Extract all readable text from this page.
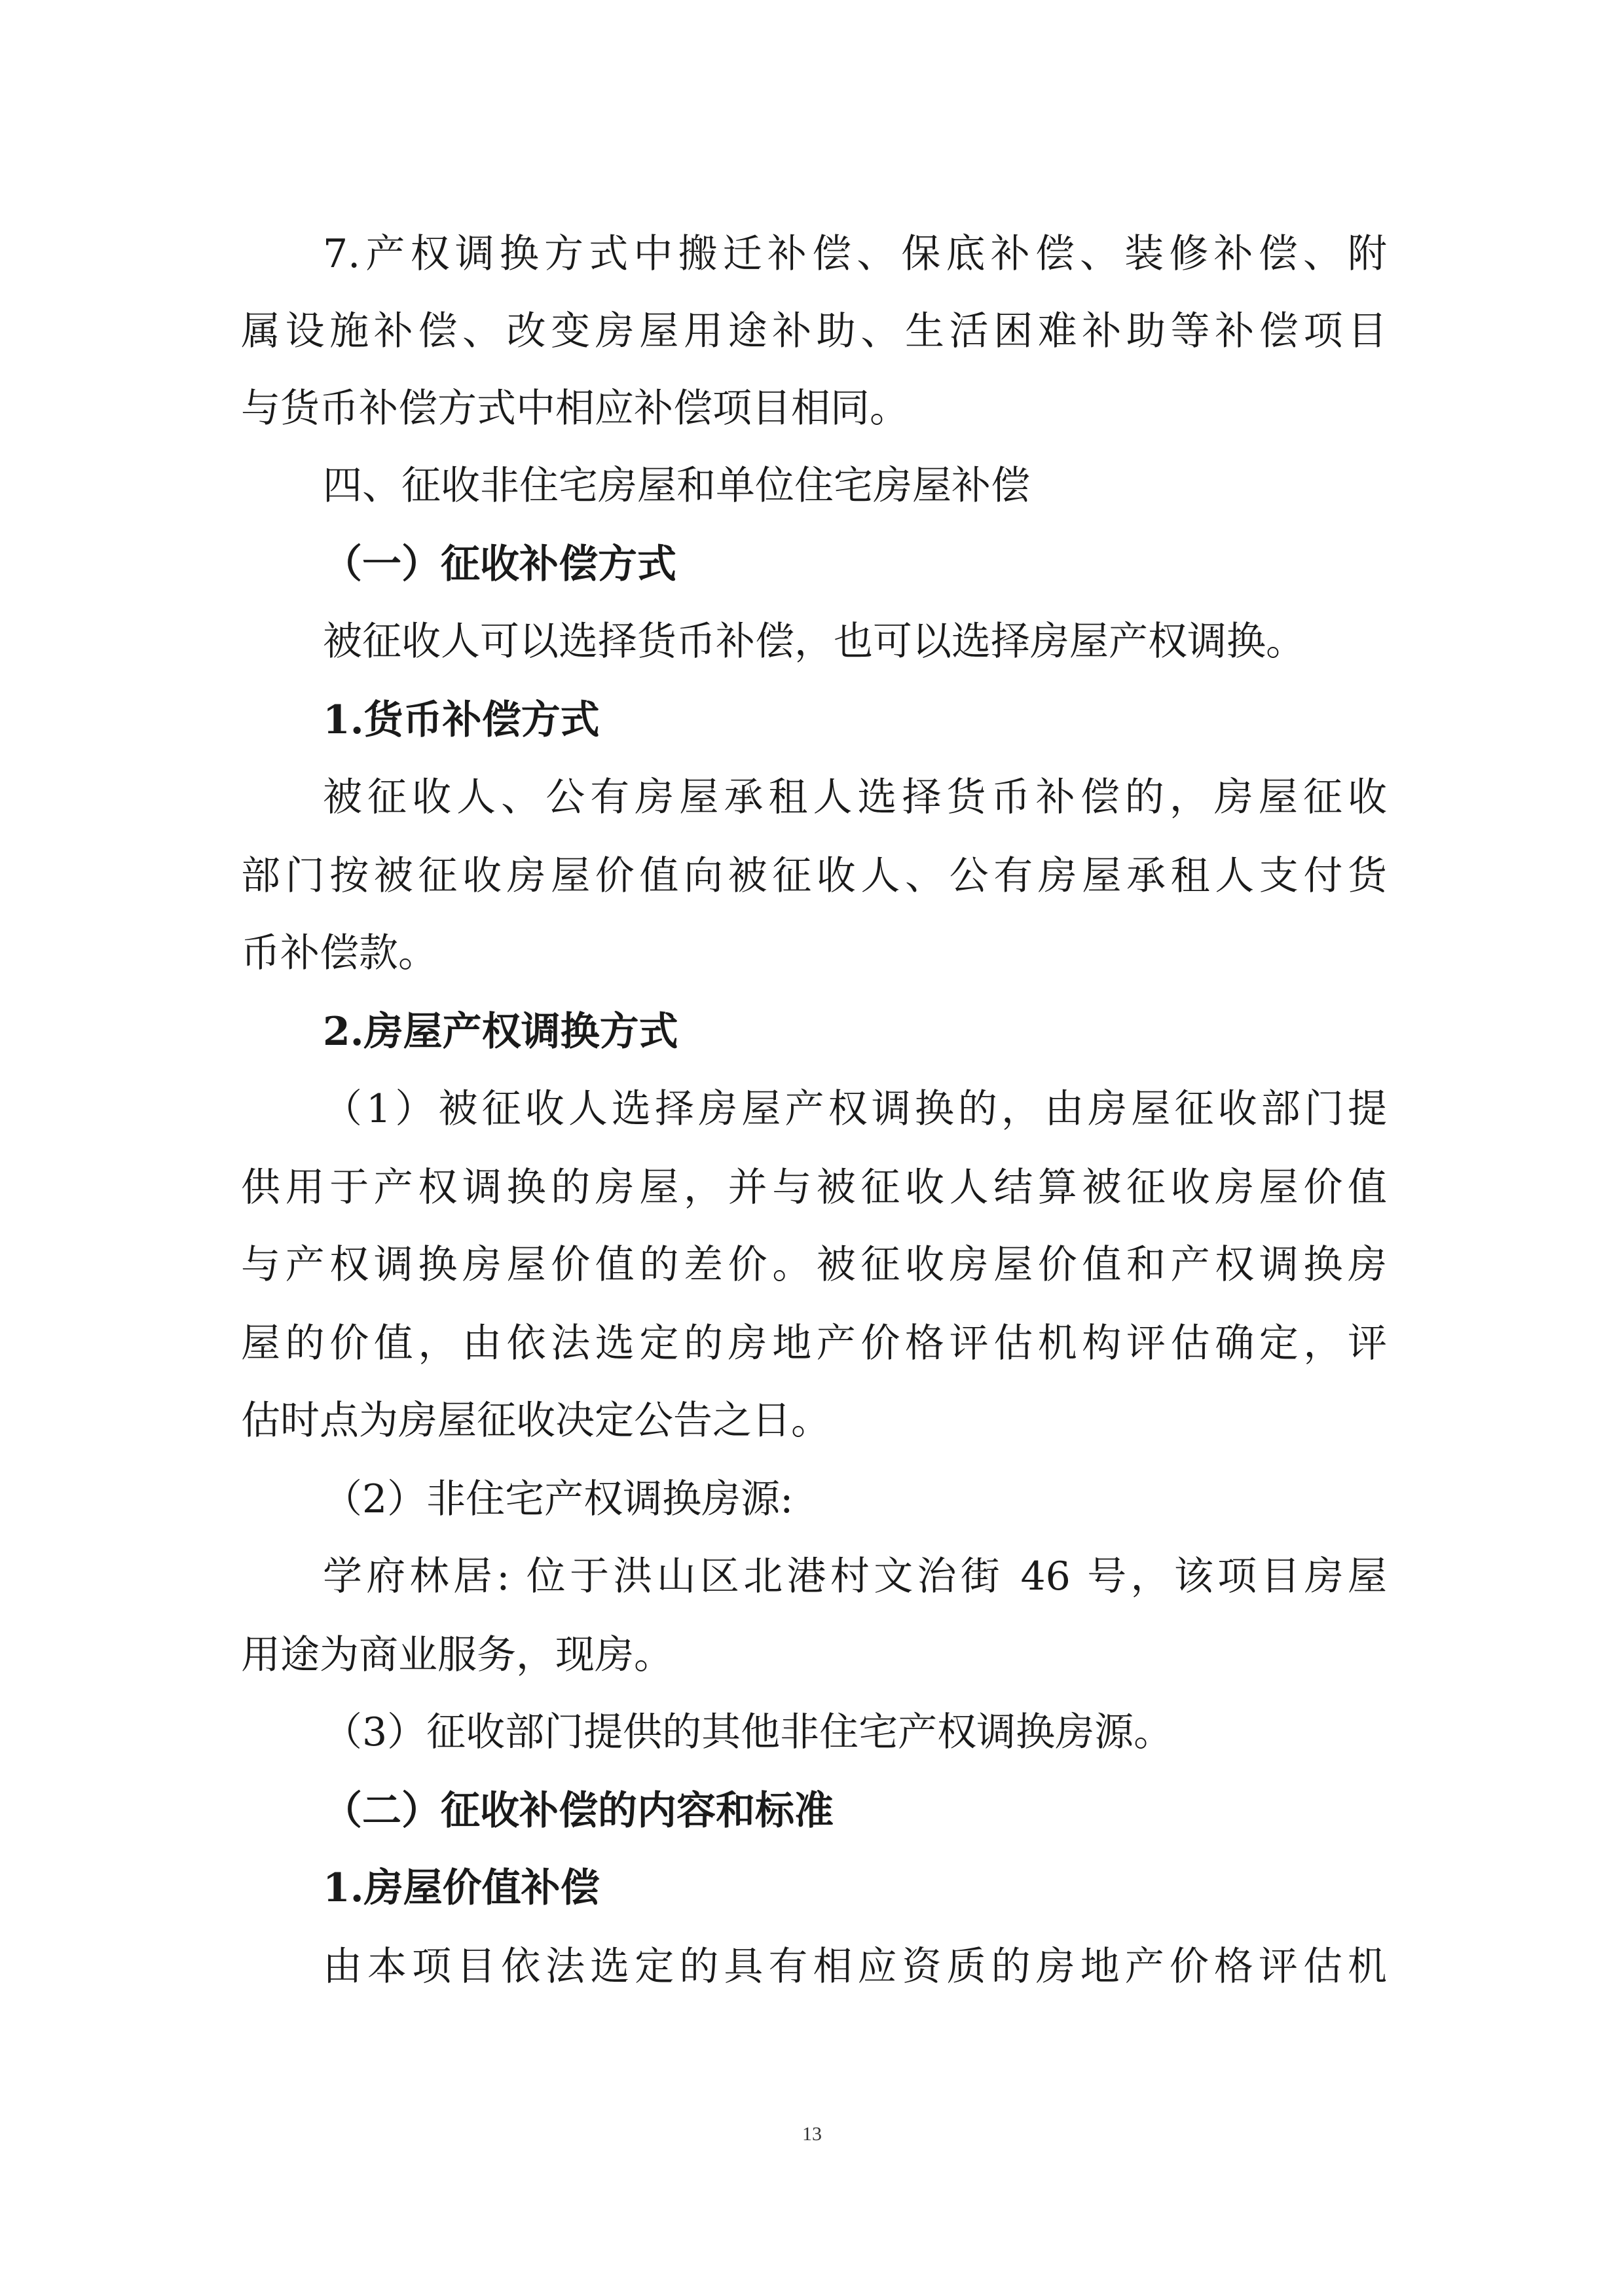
7.产权调换方式中搬迁补偿、保底补偿、装修补偿、附
属设施补偿、改变房屋用途补助、生活困难补助等补偿项目
与货币补偿方式中相应补偿项目相同。
四、征收非住宅房屋和单位住宅房屋补偿
（一）征收补偿方式
被征收人可以选择货币补偿，也可以选择房屋产权调换。
1.货币补偿方式
被征收人、公有房屋承租人选择货币补偿的，房屋征收
部门按被征收房屋价值向被征收人、公有房屋承租人支付货
币补偿款。
2.房屋产权调换方式
（1）被征收人选择房屋产权调换的，由房屋征收部门提
供用于产权调换的房屋，并与被征收人结算被征收房屋价值
与产权调换房屋价值的差价。被征收房屋价值和产权调换房
屋的价值，由依法选定的房地产价格评估机构评估确定，评
估时点为房屋征收决定公告之日。
（2）非住宅产权调换房源:
学府林居: 位于洪山区北港村文治街 46 号，该项目房屋
用途为商业服务，现房。
（3）征收部门提供的其他非住宅产权调换房源。
（二）征收补偿的内容和标准
1.房屋价值补偿
由本项目依法选定的具有相应资质的房地产价格评估机
13
